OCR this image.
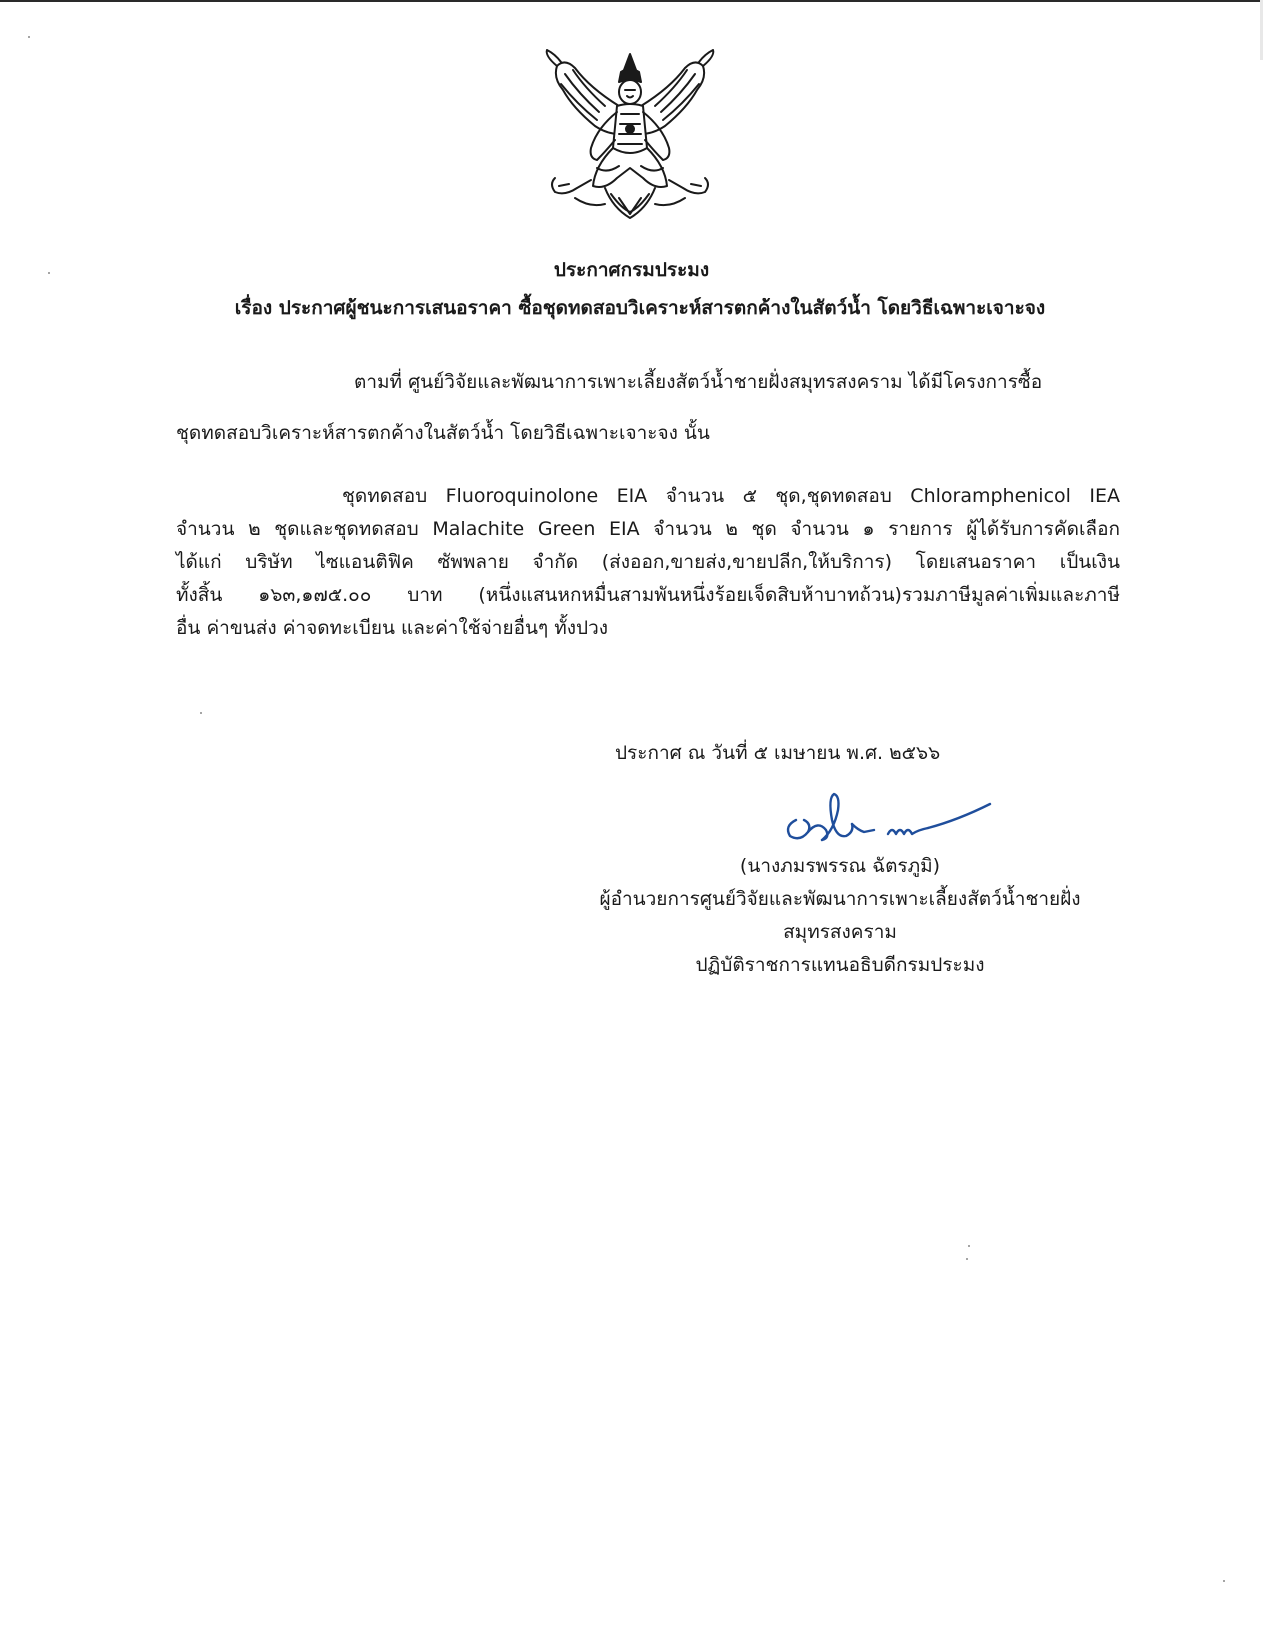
ประกาศกรมประมง
เรื่อง ประกาศผู้ชนะการเสนอราคา ซื้อชุดทดสอบวิเคราะห์สารตกค้างในสัตว์น้ำ โดยวิธีเฉพาะเจาะจง
ตามที่ ศูนย์วิจัยและพัฒนาการเพาะเลี้ยงสัตว์น้ำชายฝั่งสมุทรสงคราม ได้มีโครงการซื้อ
ชุดทดสอบวิเคราะห์สารตกค้างในสัตว์น้ำ โดยวิธีเฉพาะเจาะจง นั้น
ชุดทดสอบ Fluoroquinolone EIA จำนวน ๕ ชุด,ชุดทดสอบ Chloramphenicol IEA
จำนวน ๒ ชุดและชุดทดสอบ Malachite Green EIA จำนวน ๒ ชุด จำนวน ๑ รายการ ผู้ได้รับการคัดเลือก
ได้แก่ บริษัท ไซแอนติฟิค ซัพพลาย จำกัด (ส่งออก,ขายส่ง,ขายปลีก,ให้บริการ) โดยเสนอราคา เป็นเงิน
ทั้งสิ้น ๑๖๓,๑๗๕.๐๐ บาท (หนึ่งแสนหกหมื่นสามพันหนึ่งร้อยเจ็ดสิบห้าบาทถ้วน)รวมภาษีมูลค่าเพิ่มและภาษี
อื่น ค่าขนส่ง ค่าจดทะเบียน และค่าใช้จ่ายอื่นๆ ทั้งปวง
ประกาศ ณ วันที่ ๕ เมษายน พ.ศ. ๒๕๖๖
(นางภมรพรรณ ฉัตรภูมิ)
ผู้อำนวยการศูนย์วิจัยและพัฒนาการเพาะเลี้ยงสัตว์น้ำชายฝั่ง
สมุทรสงคราม
ปฏิบัติราชการแทนอธิบดีกรมประมง
